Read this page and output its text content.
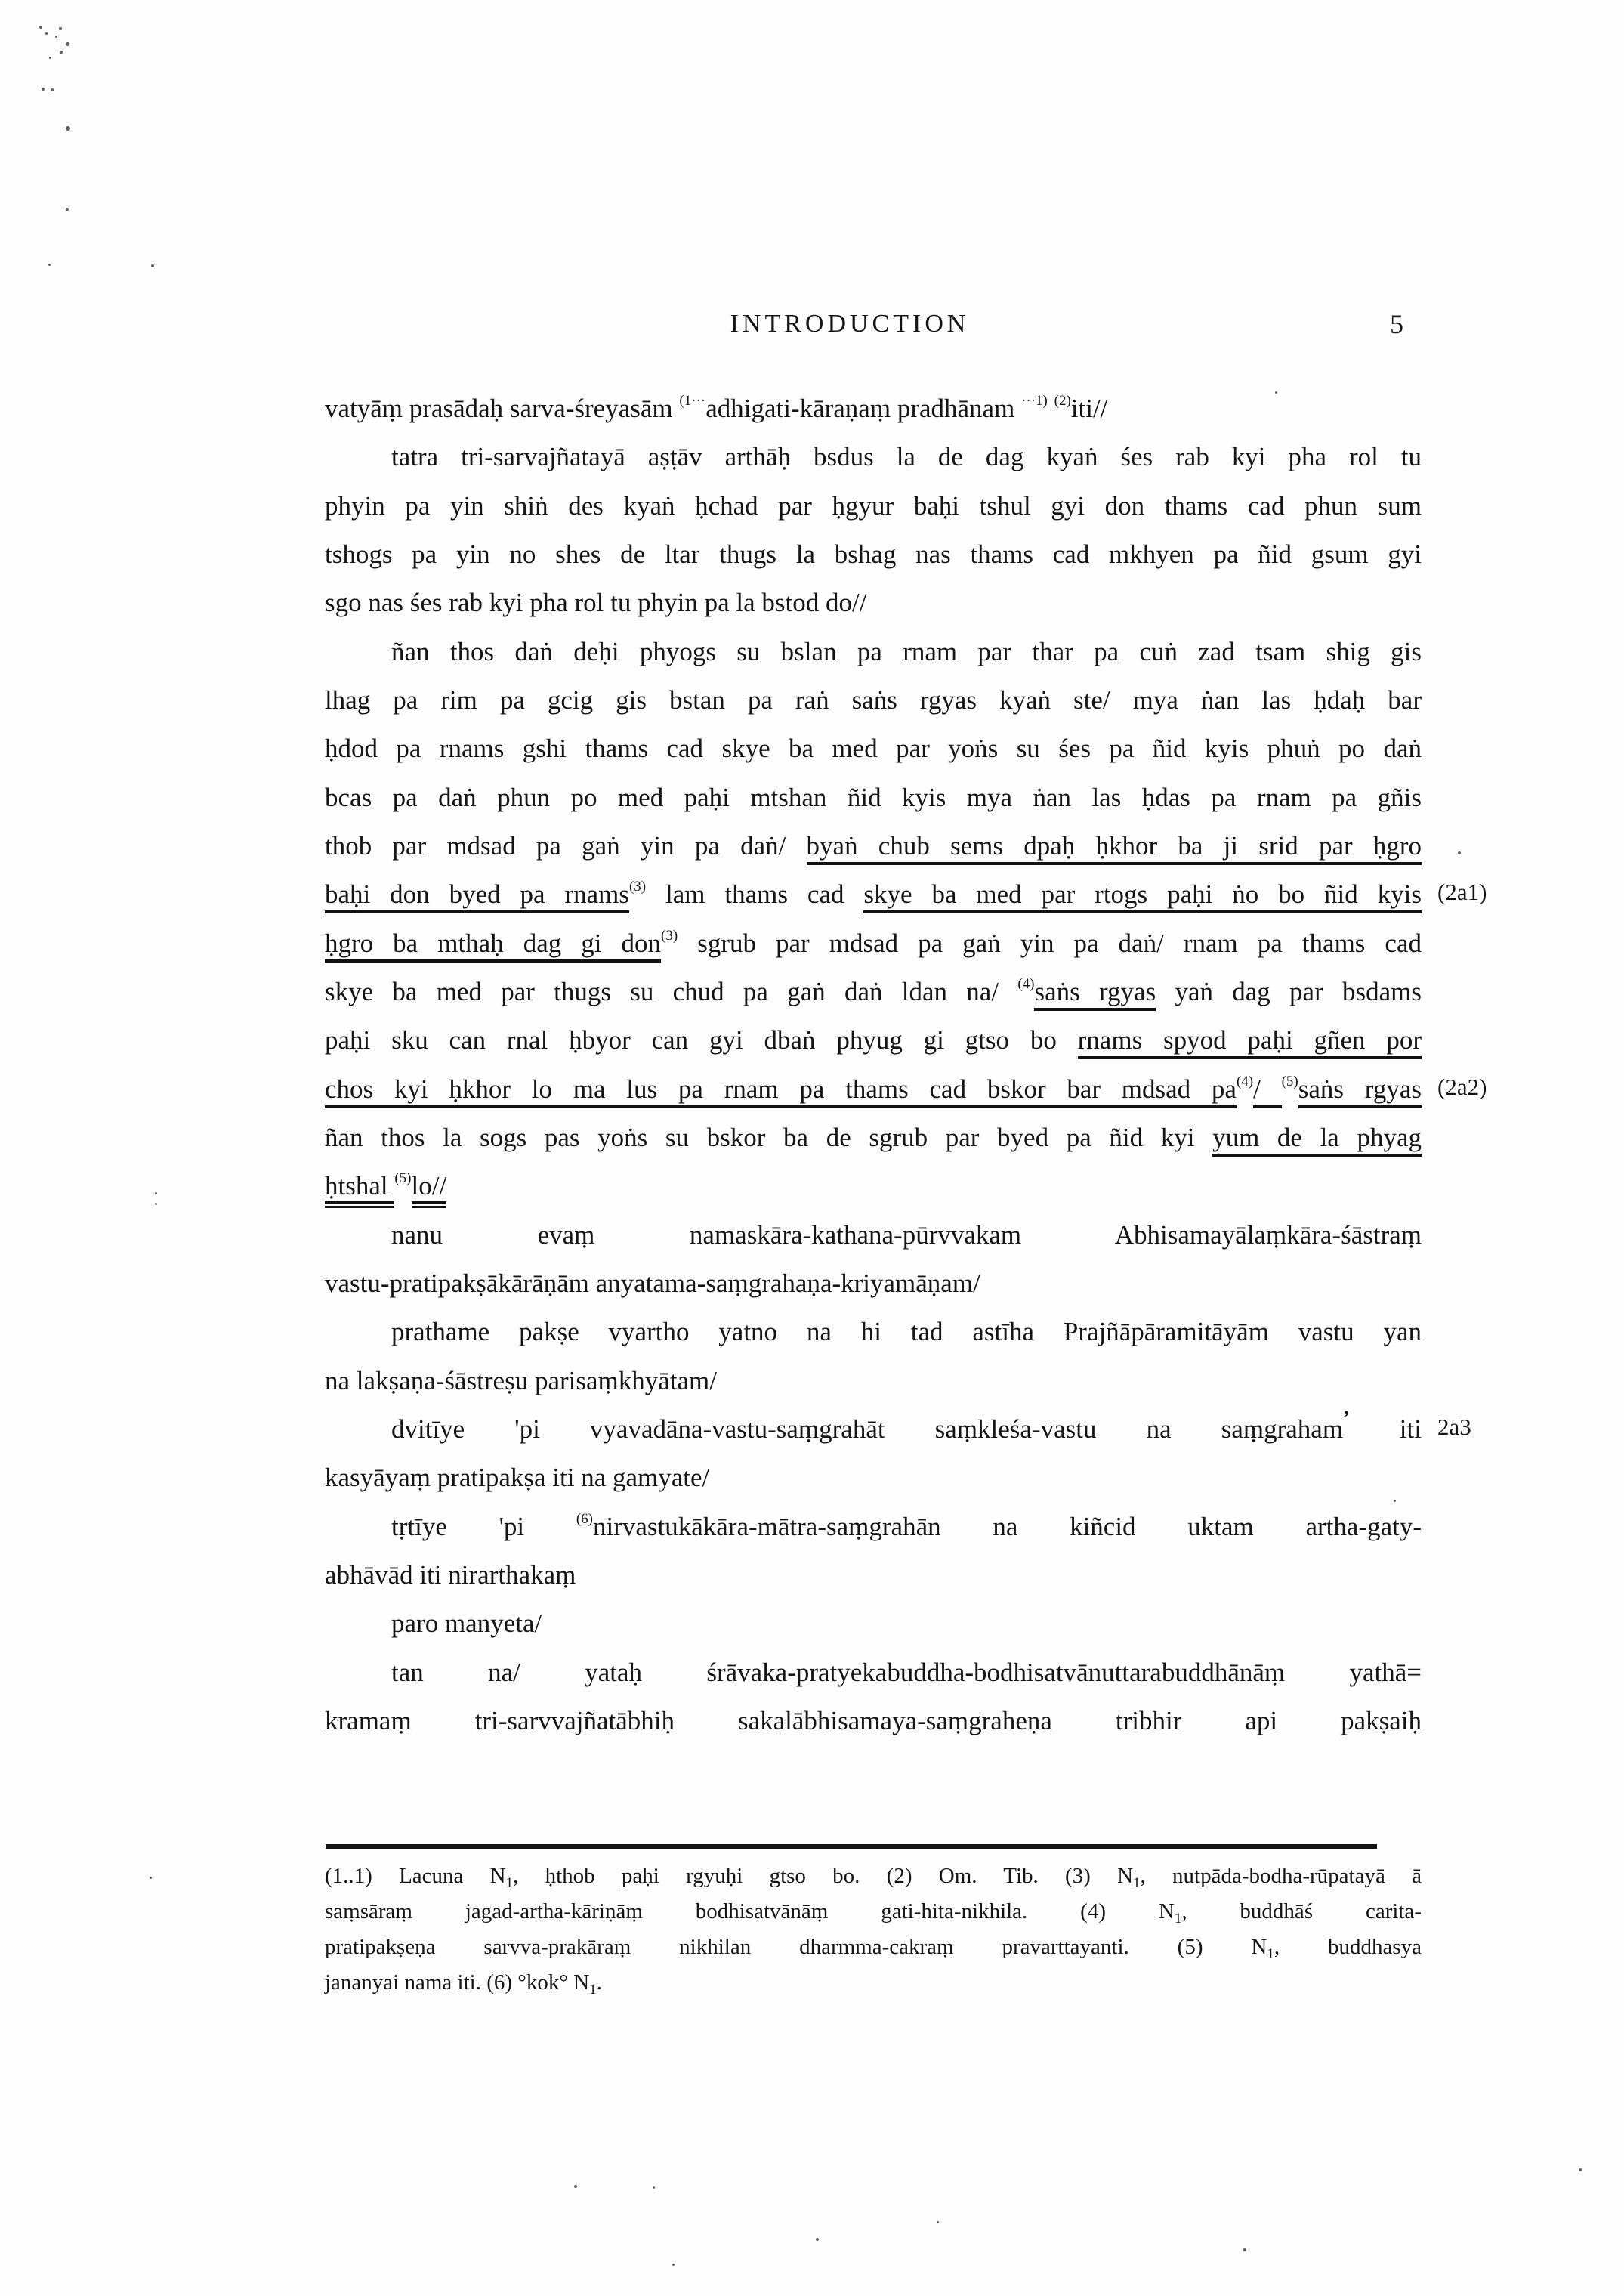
INTRODUCTION	5
vatyāṃ prasādaḥ sarva-śreyasām $^{(1\cdot\cdot\cdot}$adhigati-kāraṇaṃ pradhānam $^{\cdot\cdot\cdot 1)}$ $^{(2)}$iti//
tatra tri-sarvajñatayā aṣṭāv arthāḥ bsdus la de dag kyaṅ śes rab kyi pha rol tu
phyin pa yin shiṅ des kyaṅ ḥchad par ḥgyur baḥi tshul gyi don thams cad phun sum
tshogs pa yin no shes de ltar thugs la bshag nas thams cad mkhyen pa ñid gsum gyi
sgo nas śes rab kyi pha rol tu phyin pa la bstod do//
ñan thos daṅ deḥi phyogs su bslan pa rnam par thar pa cuṅ zad tsam shig gis
lhag pa rim pa gcig gis bstan pa raṅ saṅs rgyas kyaṅ ste/ mya ṅan las ḥdaḥ bar
ḥdod pa rnams gshi thams cad skye ba med par yoṅs su śes pa ñid kyis phuṅ po daṅ
bcas pa daṅ phun po med paḥi mtshan ñid kyis mya ṅan las ḥdas pa rnam pa gñis
thob par mdsad pa gaṅ yin pa daṅ/ byaṅ chub sems dpaḥ ḥkhor ba ji srid par ḥgro
baḥi don byed pa rnams$^{(3)}$ lam thams cad skye ba med par rtogs paḥi ṅo bo ñid kyis
ḥgro ba mthaḥ dag gi don$^{(3)}$ sgrub par mdsad pa gaṅ yin pa daṅ/ rnam pa thams cad
skye ba med par thugs su chud pa gaṅ daṅ ldan na/ $^{(4)}$saṅs rgyas yaṅ dag par bsdams
paḥi sku can rnal ḥbyor can gyi dbaṅ phyug gi gtso bo rnams spyod paḥi gñen por
chos kyi ḥkhor lo ma lus pa rnam pa thams cad bskor bar mdsad $pa^{(4)}/$ $^{(5)}$saṅs rgyas
ñan thos la sogs pas yoṅs su bskor ba de sgrub par byed pa ñid kyi yum de la phyag
ḥtshal $^{(5)}$lo//
nanu evaṃ namaskāra-kathana-pūrvvakam Abhisamayālaṃkāra-śāstraṃ
vastu-pratipakṣākārāṇām anyatama-saṃgrahaṇa-kriyamāṇam/
prathame pakṣe vyartho yatno na hi tad astīha Prajñāpāramitāyām vastu yan
na lakṣaṇa-śāstreṣu parisaṃkhyātam/
dvitīye 'pi vyavadāna-vastu-saṃgrahāt saṃkleśa-vastu na saṃgraham’ iti
kasyāyaṃ pratipakṣa iti na gamyate/
tṛtīye 'pi $^{(6)}$nirvastukākāra-mātra-saṃgrahān na kiñcid uktam artha-gaty-
abhāvād iti nirarthakaṃ
paro manyeta/
tan na/ yataḥ śrāvaka-pratyekabuddha-bodhisatvānuttarabuddhānāṃ yathā=
kramaṃ tri-sarvvajñatābhiḥ sakalābhisamaya-saṃgraheṇa tribhir api pakṣaiḥ
(2a1)
(2a2)
2a3
(1..1) Lacuna $N_1$, ḥthob paḥi rgyuḥi gtso bo. (2) Om. Tib. (3) $N_1$, nutpāda-bodha-rūpatayā ā
saṃsāraṃ jagad-artha-kāriṇāṃ bodhisatvānāṃ gati-hita-nikhila. (4) $N_1$, buddhāś carita-
pratipakṣeṇa sarvva-prakāraṃ nikhilan dharmma-cakraṃ pravarttayanti. (5) $N_1$, buddhasya
jananyai nama iti. (6) °kok° $N_1$.
